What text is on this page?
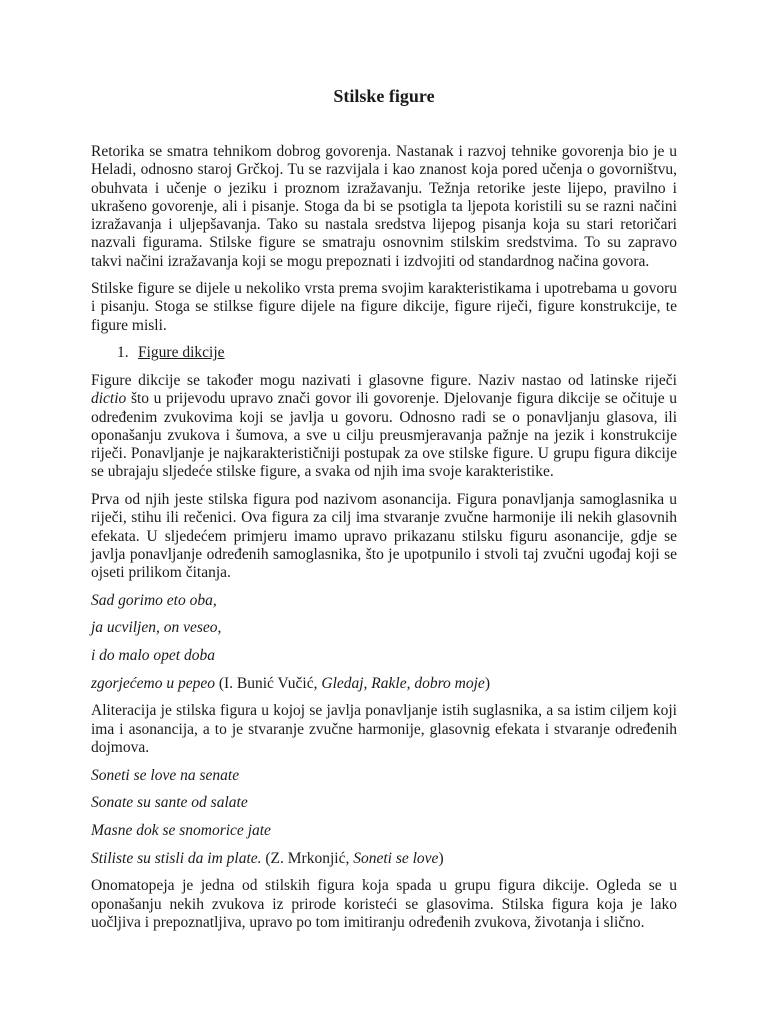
Stilske figure
Retorika se smatra tehnikom dobrog govorenja. Nastanak i razvoj tehnike govorenja bio je u
Heladi, odnosno staroj Grčkoj. Tu se razvijala i kao znanost koja pored učenja o govorništvu,
obuhvata i učenje o jeziku i proznom izražavanju. Težnja retorike jeste lijepo, pravilno i
ukrašeno govorenje, ali i pisanje. Stoga da bi se psotigla ta ljepota koristili su se razni načini
izražavanja i uljepšavanja. Tako su nastala sredstva lijepog pisanja koja su stari retoričari
nazvali figurama. Stilske figure se smatraju osnovnim stilskim sredstvima. To su zapravo
takvi načini izražavanja koji se mogu prepoznati i izdvojiti od standardnog načina govora.
Stilske figure se dijele u nekoliko vrsta prema svojim karakteristikama i upotrebama u govoru
i pisanju. Stoga se stilkse figure dijele na figure dikcije, figure riječi, figure konstrukcije, te
figure misli.
1. Figure dikcije
Figure dikcije se također mogu nazivati i glasovne figure. Naziv nastao od latinske riječi
dictio što u prijevodu upravo znači govor ili govorenje. Djelovanje figura dikcije se očituje u
određenim zvukovima koji se javlja u govoru. Odnosno radi se o ponavljanju glasova, ili
oponašanju zvukova i šumova, a sve u cilju preusmjeravanja pažnje na jezik i konstrukcije
riječi. Ponavljanje je najkarakterističniji postupak za ove stilske figure. U grupu figura dikcije
se ubrajaju sljedeće stilske figure, a svaka od njih ima svoje karakteristike.
Prva od njih jeste stilska figura pod nazivom asonancija. Figura ponavljanja samoglasnika u
riječi, stihu ili rečenici. Ova figura za cilj ima stvaranje zvučne harmonije ili nekih glasovnih
efekata. U sljedećem primjeru imamo upravo prikazanu stilsku figuru asonancije, gdje se
javlja ponavljanje određenih samoglasnika, što je upotpunilo i stvoli taj zvučni ugođaj koji se
ojseti prilikom čitanja.
Sad gorimo eto oba,
ja ucviljen, on veseo,
i do malo opet doba
zgorjećemo u pepeo (I. Bunić Vučić, Gledaj, Rakle, dobro moje)
Aliteracija je stilska figura u kojoj se javlja ponavljanje istih suglasnika, a sa istim ciljem koji
ima i asonancija, a to je stvaranje zvučne harmonije, glasovnig efekata i stvaranje određenih
dojmova.
Soneti se love na senate
Sonate su sante od salate
Masne dok se snomorice jate
Stiliste su stisli da im plate. (Z. Mrkonjić, Soneti se love)
Onomatopeja je jedna od stilskih figura koja spada u grupu figura dikcije. Ogleda se u
oponašanju nekih zvukova iz prirode koristeći se glasovima. Stilska figura koja je lako
uočljiva i prepoznatljiva, upravo po tom imitiranju određenih zvukova, životanja i slično.
